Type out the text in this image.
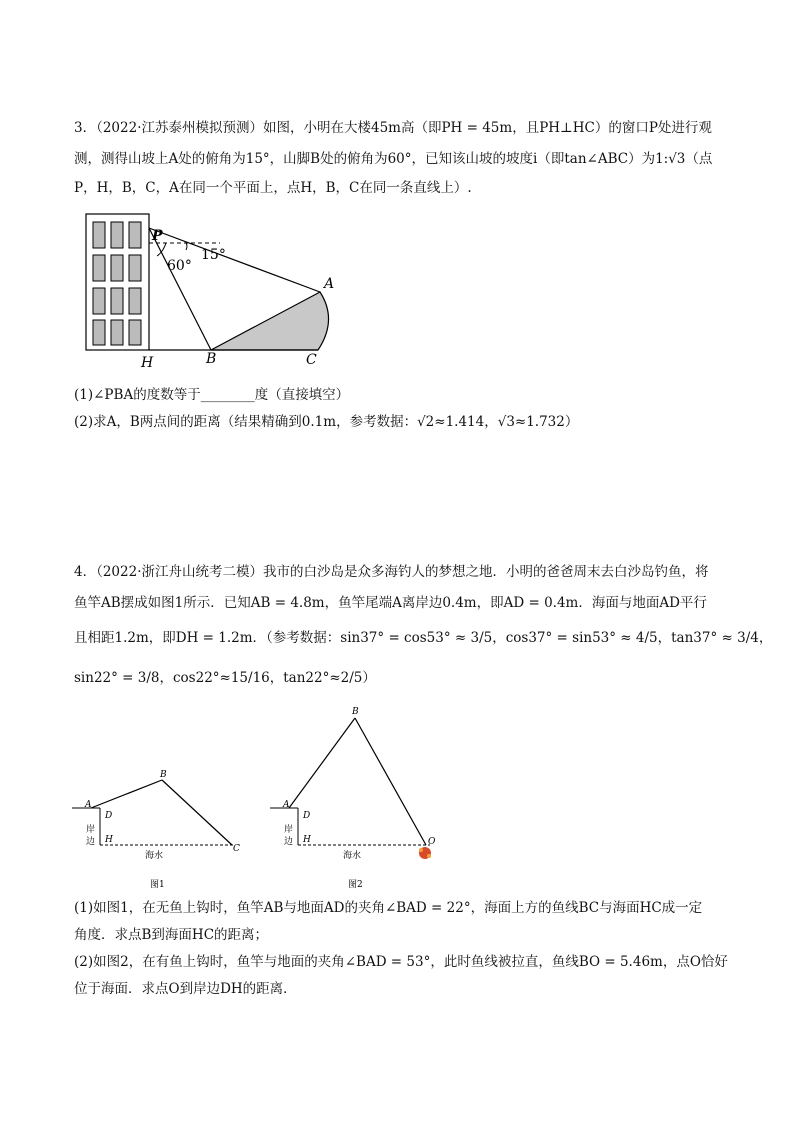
3．（2022·江苏泰州模拟预测）如图，小明在大楼45m高（即PH = 45m，且PH⊥HC）的窗口P处进行观
测，测得山坡上A处的俯角为15°，山脚B处的俯角为60°，已知该山坡的坡度i（即tan∠ABC）为1:√3（点
P，H，B，C，A在同一个平面上，点H，B，C在同一条直线上）.
P
15°
60°
A
H	B	C
(1)∠PBA的度数等于________度（直接填空）
(2)求A，B两点间的距离（结果精确到0.1m，参考数据：√2≈1.414，√3≈1.732）
4．（2022·浙江舟山统考二模）我市的白沙岛是众多海钓人的梦想之地．小明的爸爸周末去白沙岛钓鱼，将
鱼竿AB摆成如图1所示．已知AB = 4.8m，鱼竿尾端A离岸边0.4m，即AD = 0.4m．海面与地面AD平行
且相距1.2m，即DH = 1.2m．（参考数据：sin37° = cos53° ≈ 3/5，cos37° = sin53° ≈ 4/5，tan37° ≈ 3/4，
sin22° = 3/8，cos22°≈15/16，tan22°≈2/5）
A
B
C
D
H
岸
边
海水
图1
B
A
O
D
H
岸
边
海水
图2
(1)如图1，在无鱼上钩时，鱼竿AB与地面AD的夹角∠BAD = 22°，海面上方的鱼线BC与海面HC成一定
角度．求点B到海面HC的距离；
(2)如图2，在有鱼上钩时，鱼竿与地面的夹角∠BAD = 53°，此时鱼线被拉直，鱼线BO = 5.46m，点O恰好
位于海面．求点O到岸边DH的距离．
